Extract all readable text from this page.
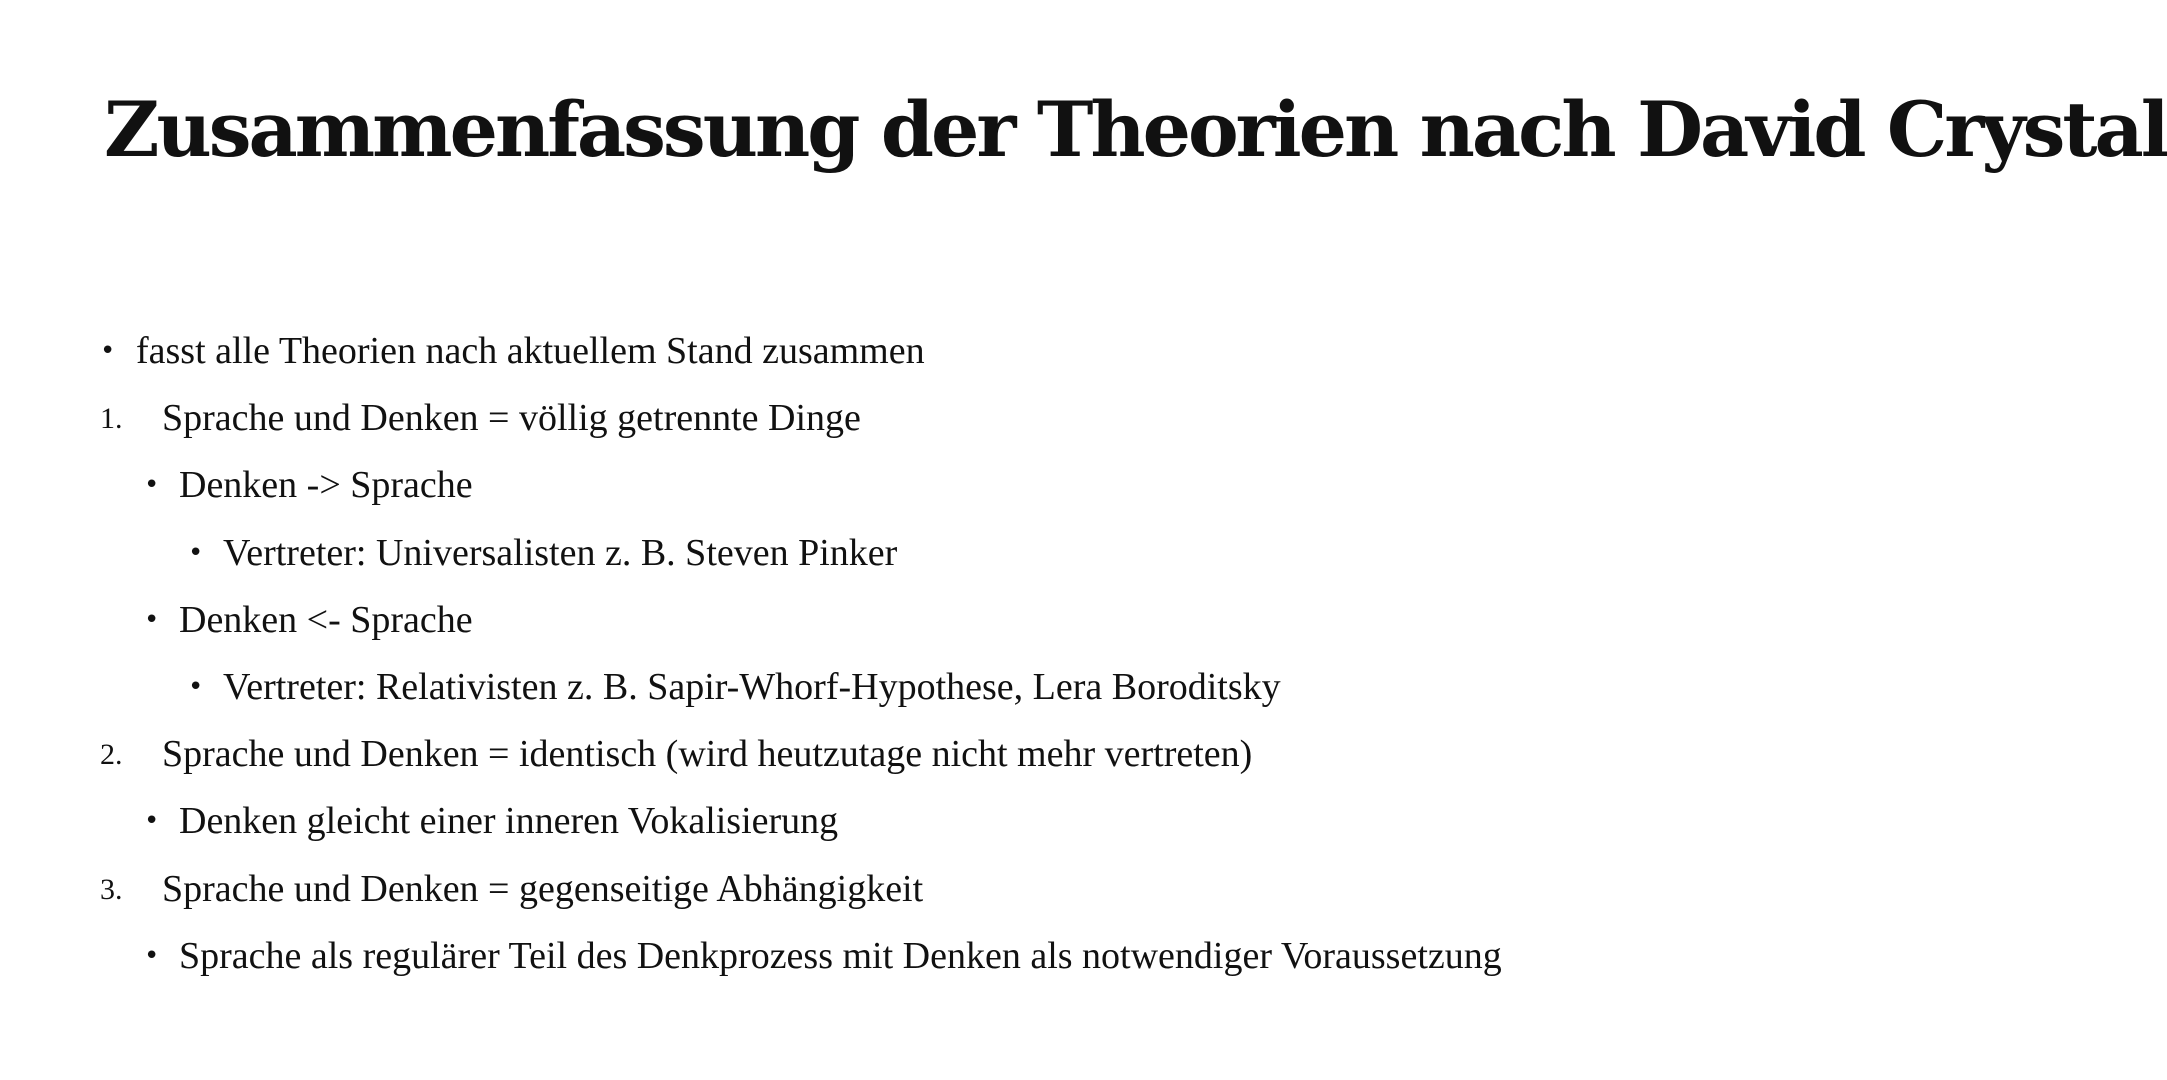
Zusammenfassung der Theorien nach David Crystal
• fasst alle Theorien nach aktuellem Stand zusammen
1. Sprache und Denken = völlig getrennte Dinge
• Denken -> Sprache
• Vertreter: Universalisten z. B. Steven Pinker
• Denken <- Sprache
• Vertreter: Relativisten z. B. Sapir-Whorf-Hypothese, Lera Boroditsky
2. Sprache und Denken = identisch (wird heutzutage nicht mehr vertreten)
• Denken gleicht einer inneren Vokalisierung
3. Sprache und Denken = gegenseitige Abhängigkeit
• Sprache als regulärer Teil des Denkprozess mit Denken als notwendiger Voraussetzung
